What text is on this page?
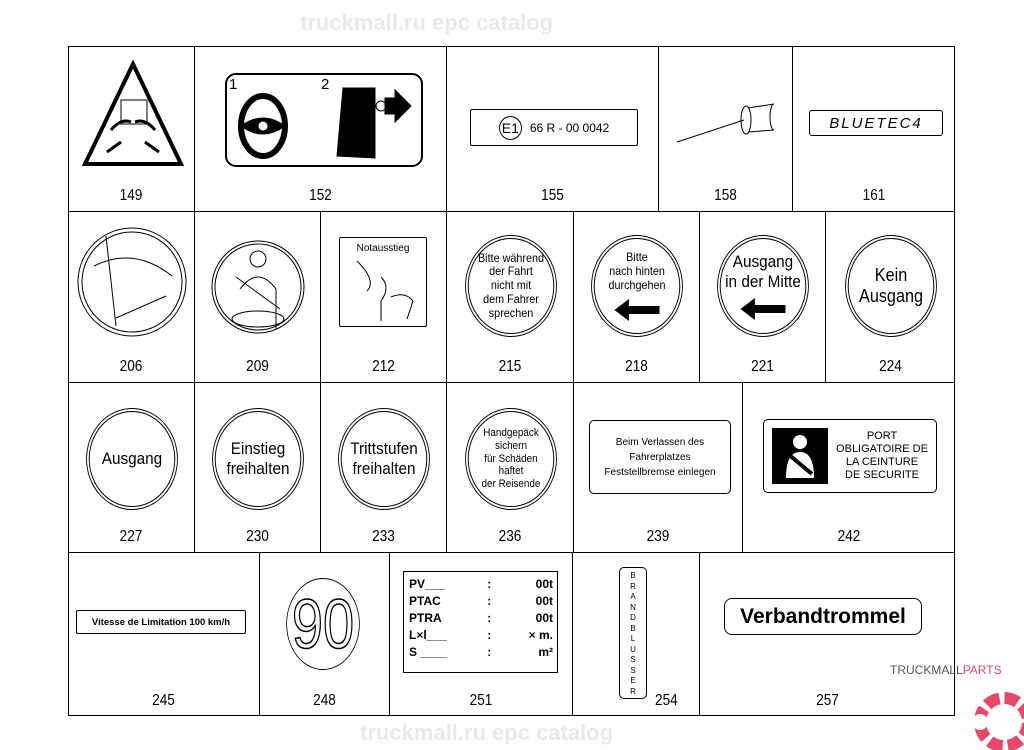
truckmall.ru epc catalog
truckmall.ru epc catalog
149	152
1	2
155
E1 66 R - 00 0042
158	161
BLUETEC4
206	209	212
Notausstieg
215
Bitte während
der Fahrt
nicht mit
dem Fahrer
sprechen
218
Bitte
nach hinten
durchgehen
221
Ausgang
in der Mitte
224
Kein
Ausgang
227
Ausgang
230
Einstieg
freihalten
233
Trittstufen
freihalten
236
Handgepäck
sichern
für Schäden
haftet
der Reisende
239
Beim Verlassen des
Fahrerplatzes
Feststellbremse einlegen
242
PORT
OBLIGATOIRE DE
LA CEINTURE
DE SECURITE
245
Vitesse de Limitation 100 km/h
248
90
251
PV___	:	00t
PTAC	:	00t
PTRA	:	00t
L×l___	:	× m.
S ____	:	m²
254
B
R
A
N
D
B
L
U
S
S
E
R
257
Verbandtrommel
TRUCKMALLPARTS
